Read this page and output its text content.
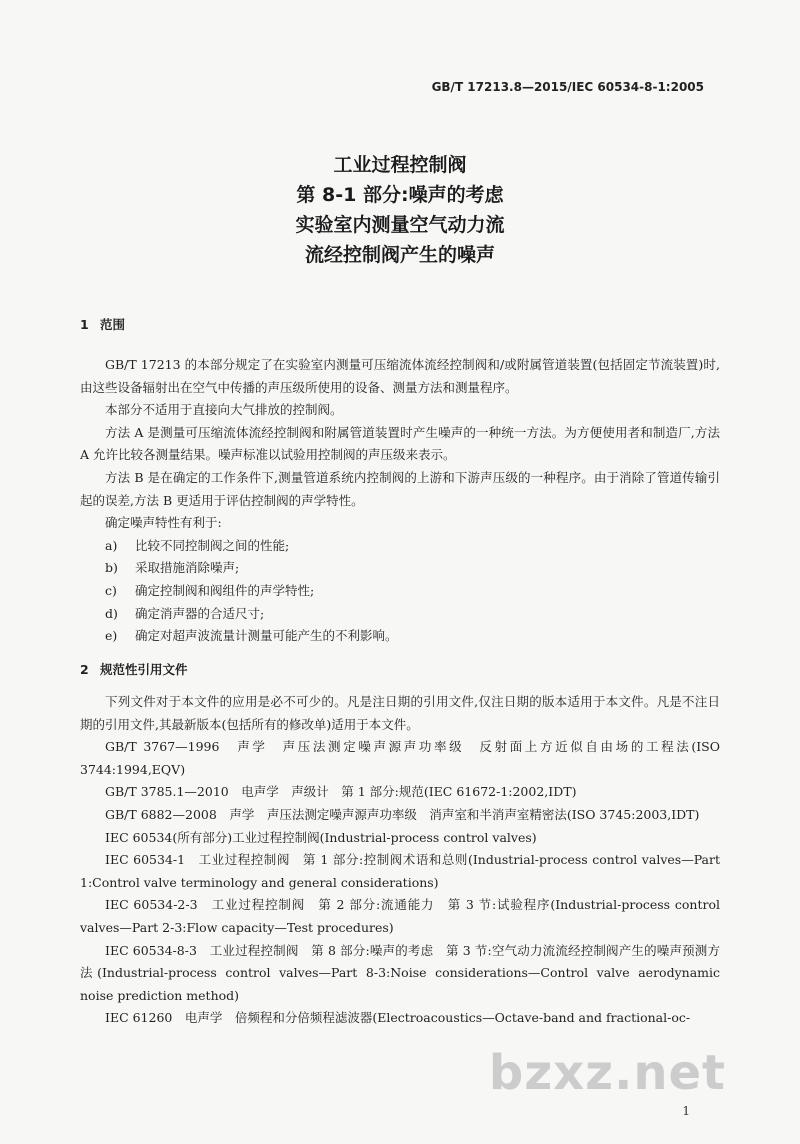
GB/T 17213.8—2015/IEC 60534-8-1:2005
工业过程控制阀
第 8-1 部分:噪声的考虑
实验室内测量空气动力流
流经控制阀产生的噪声
1 范围

GB/T 17213 的本部分规定了在实验室内测量可压缩流体流经控制阀和/或附属管道装置(包括固定节流装置)时,由这些设备辐射出在空气中传播的声压级所使用的设备、测量方法和测量程序。

本部分不适用于直接向大气排放的控制阀。

方法 A 是测量可压缩流体流经控制阀和附属管道装置时产生噪声的一种统一方法。为方便使用者和制造厂,方法 A 允许比较各测量结果。噪声标准以试验用控制阀的声压级来表示。

方法 B 是在确定的工作条件下,测量管道系统内控制阀的上游和下游声压级的一种程序。由于消除了管道传输引起的误差,方法 B 更适用于评估控制阀的声学特性。

确定噪声特性有利于:

a) 比较不同控制阀之间的性能;

b) 采取措施消除噪声;

c) 确定控制阀和阀组件的声学特性;

d) 确定消声器的合适尺寸;

e) 确定对超声波流量计测量可能产生的不利影响。

2 规范性引用文件

下列文件对于本文件的应用是必不可少的。凡是注日期的引用文件,仅注日期的版本适用于本文件。凡是不注日期的引用文件,其最新版本(包括所有的修改单)适用于本文件。

GB/T 3767—1996　声学　声压法测定噪声源声功率级　反射面上方近似自由场的工程法(ISO 3744:1994,EQV)

GB/T 3785.1—2010　电声学　声级计　第 1 部分:规范(IEC 61672-1:2002,IDT)

GB/T 6882—2008　声学　声压法测定噪声源声功率级　消声室和半消声室精密法(ISO 3745:2003,IDT)

IEC 60534(所有部分)工业过程控制阀(Industrial-process control valves)

IEC 60534-1　工业过程控制阀　第 1 部分:控制阀术语和总则(Industrial-process control valves—Part 1:Control valve terminology and general considerations)

IEC 60534-2-3　工业过程控制阀　第 2 部分:流通能力　第 3 节:试验程序(Industrial-process control valves—Part 2-3:Flow capacity—Test procedures)

IEC 60534-8-3　工业过程控制阀　第 8 部分:噪声的考虑　第 3 节:空气动力流流经控制阀产生的噪声预测方法(Industrial-process control valves—Part 8-3:Noise considerations—Control valve aerodynamic noise prediction method)

IEC 61260　电声学　倍频程和分倍频程滤波器(Electroacoustics—Octave-band and fractional-oc-

bzxz.net
1
